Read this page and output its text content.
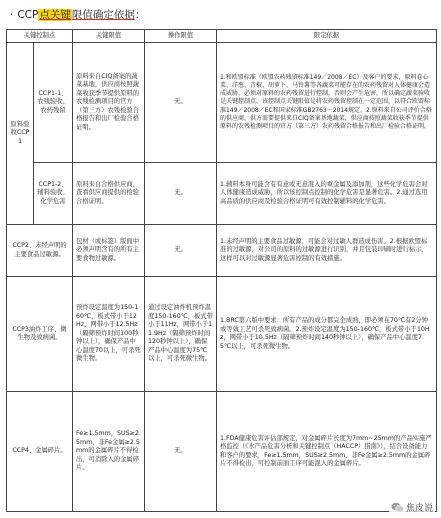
· CCP点关键限值确定依据：
关键控制点		关键限值	操作限值	限定依据
原料验收CCP1	CCP1-1、农残验收、农药残留	原料来自CIQ备案的蔬菜基地，供应商按照蔬菜收获季节提供原料的农残检测项目的官方（第三方）农残检验合格报告和出厂检验合格证明。	无。	1.和欧盟标准（欧盟农药残留标准149／2008／EC）及客户的要求，原料卷心菜、洋葱、青椒、胡萝卜、马铃薯等各蔬菜可能存在的农药残留对人体健康会造成威胁，必须对原料的农药残留进行控制，否则会产生危害，所以确定蔬菜验收是关键控制点，该控制点关键限值是将农药残留控制在一定范围，以符合欧盟标准149／2008／EC和国家标准GB2763－2014规定。2.原料来自公司评价合格的供应商，供方需要提供来自CIQ备案基地蔬菜，供应商按照蔬菜收获季节提供原料的农残检测项目的官方（第三方）农药残留合格报告和出厂检验合格证明。
	CCP1-2、辅料验收、化学危害	原料来自合格供应商，查看供应商提供的检验合格证明。	无。	1.辅料本身可能含有有意或无意混入的重金属及添加剂，这些化学危害会对人体健康造成威胁，所以该控制点控制的化学危害是显著危害。2.通过选用高品质的供应商及检验合格证明可有效控制辅料的化学危害。
CCP2、未经声明的主要食品过敏源。		包材（或标签）版面中必须声明含有的所有主要食物过敏源。	无。	1.未经声明的主要食品过敏源，可能会对过敏人群造成伤害。2.根据欧盟标准的过敏源，对公司的原料的过敏源进行识别，并且包装印刷时进行标示，这样可以对过敏源显著危害控制的有效措施。
CCP3油炸工序、微生物及致病菌。		预炸设定温度为150-160℃，板式带小于12Hz，网带小于12.5Hz（隔筛预炸时间100秒钟以上），确保产品中心温度70以上，可杀死微生物。	通过设定油炸机预炸温度150-160℃，板式带小于11Hz，网带小于11.9Hz（隔筛预炸时间120秒钟以上），确保产品中心温度为75℃以上，可杀死微生物。	1.BRC第六版中要求：所有产品的成分都完全成熟，即必须在70℃有2分钟或等效工艺可杀死致病菌。2.预炸设定温度为150-160℃，板式带小于10Hz，网带小于10.5Hz（隔筛预炸时间140秒钟以上），确保产品中心温度75℃以上，可杀死微生物。
CCP4、金属碎片。		Fe≥1.5mm，SUS≥2.5mm，非Fe金属≥2.5mm的金属碎片不得检出，可消除入的金属碎片。	无。	1.FDA健康危害评估部规定，对金属碎片长度为7mm~25mm的产品实施严格监控（《水产品危害分析和关键控制点（HACCP）指南》），结合设备能力和客户的要求，Fe≥1.5mm，SUS≥2.5mm，非Fe金属≥2.5mm的金属碎片不得检出，可控制前面工序可能混入的金属碎片。
焦皮说
